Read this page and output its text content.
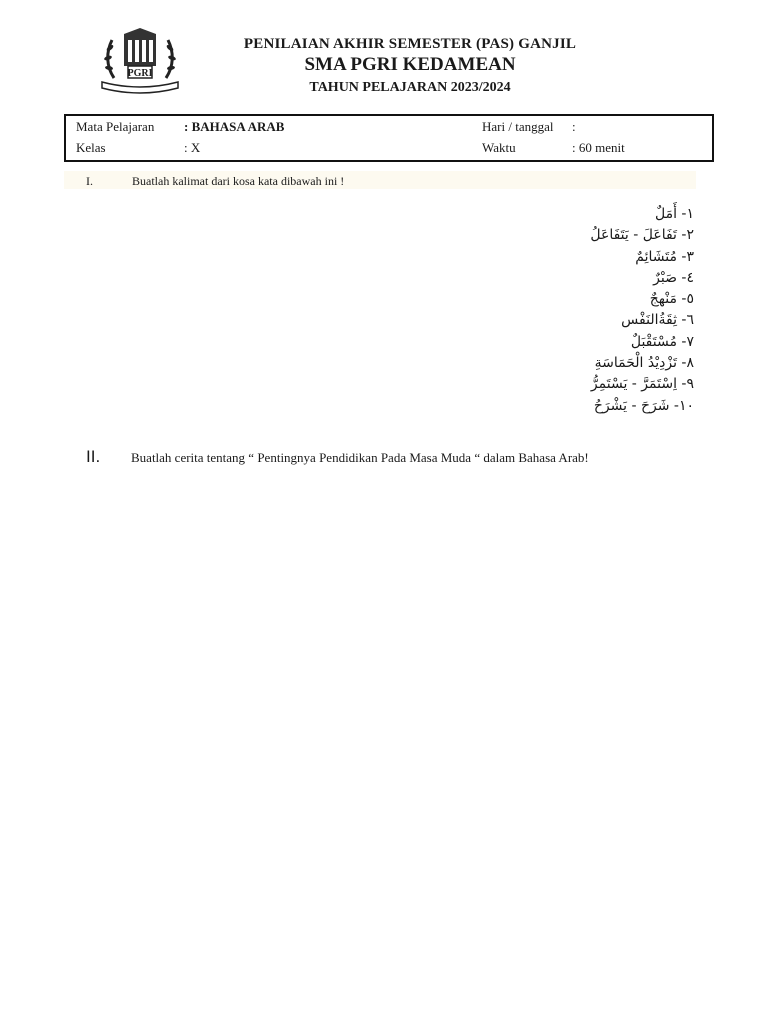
PGRI
PENILAIAN AKHIR SEMESTER (PAS) GANJIL
SMA PGRI KEDAMEAN
TAHUN PELAJARAN 2023/2024
Mata Pelajaran : BAHASA ARAB	Hari / tanggal :
Kelas	: X	Waktu	: 60 menit
I.	Buatlah kalimat dari kosa kata dibawah ini !
١- أَمَلٌ
٢- تَفَاعَلَ - يَتَفَاعَلُ
٣- مُتَشَائِمٌ
٤- صَبْرٌ
٥- مَنْهجٌ
٦- ثِقَةُالنَفْس
٧- مُسْتَقْبَلٌ
٨- تَزْدِيْدُ الْحَمَاسَةِ
٩- اِسْتَمَرَّ - يَسْتَمِرُّ
١٠- شَرَحَ - يَشْرَحُ
II. Buatlah cerita tentang “ Pentingnya Pendidikan Pada Masa Muda “ dalam Bahasa Arab!
